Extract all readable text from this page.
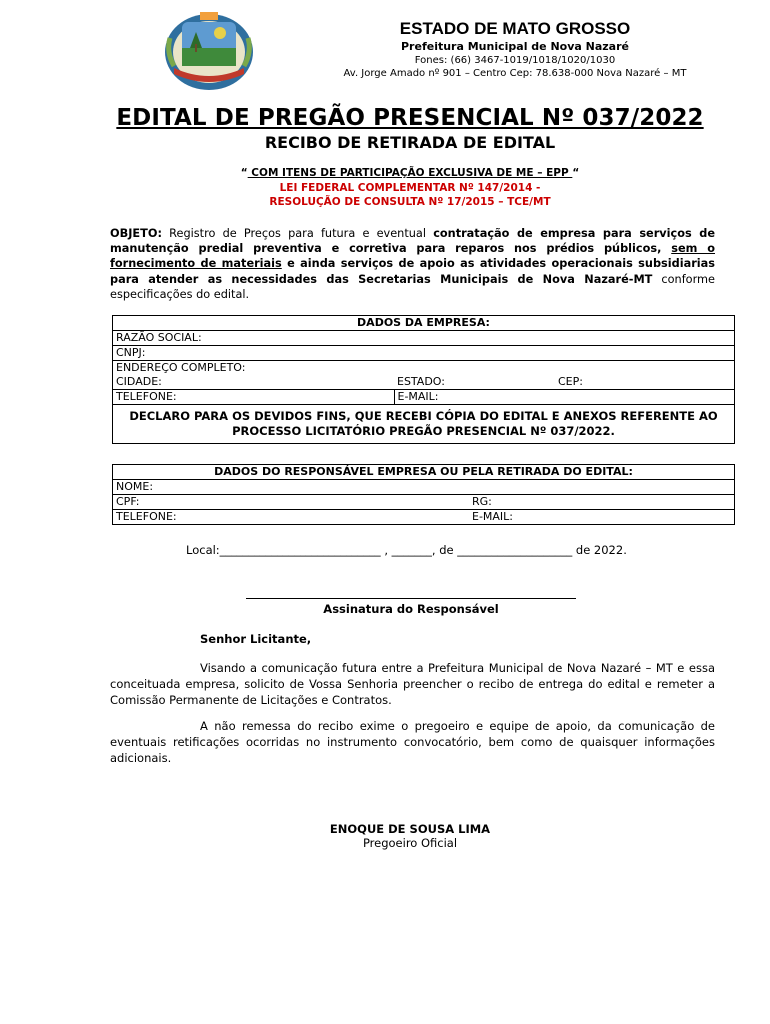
ESTADO DE MATO GROSSO
Prefeitura Municipal de Nova Nazaré
Fones: (66) 3467-1019/1018/1020/1030
Av. Jorge Amado nº 901 – Centro Cep: 78.638-000 Nova Nazaré – MT
EDITAL DE PREGÃO PRESENCIAL Nº 037/2022
RECIBO DE RETIRADA DE EDITAL
“ COM ITENS DE PARTICIPAÇÃO EXCLUSIVA DE ME – EPP “
LEI FEDERAL COMPLEMENTAR Nº 147/2014 -
RESOLUÇÃO DE CONSULTA Nº 17/2015 – TCE/MT
OBJETO: Registro de Preços para futura e eventual contratação de empresa para serviços de manutenção predial preventiva e corretiva para reparos nos prédios públicos, sem o fornecimento de materiais e ainda serviços de apoio as atividades operacionais subsidiarias para atender as necessidades das Secretarias Municipais de Nova Nazaré-MT conforme especificações do edital.
DADOS DA EMPRESA:		
RAZÃO SOCIAL:		
CNPJ:		
ENDEREÇO COMPLETO:		
CIDADE:	ESTADO:	CEP:
TELEFONE:	E-MAIL:	
DECLARO PARA OS DEVIDOS FINS, QUE RECEBI CÓPIA DO EDITAL E ANEXOS REFERENTE AO PROCESSO LICITATÓRIO PREGÃO PRESENCIAL Nº 037/2022.		
DADOS DO RESPONSÁVEL EMPRESA OU PELA RETIRADA DO EDITAL:	
NOME:	
CPF:	RG:
TELEFONE:	E-MAIL:
Local:____________________________ , _______, de ____________________ de 2022.
Assinatura do Responsável
Senhor Licitante,
Visando a comunicação futura entre a Prefeitura Municipal de Nova Nazaré – MT e essa conceituada empresa, solicito de Vossa Senhoria preencher o recibo de entrega do edital e remeter a Comissão Permanente de Licitações e Contratos.
A não remessa do recibo exime o pregoeiro e equipe de apoio, da comunicação de eventuais retificações ocorridas no instrumento convocatório, bem como de quaisquer informações adicionais.
ENOQUE DE SOUSA LIMA
Pregoeiro Oficial
